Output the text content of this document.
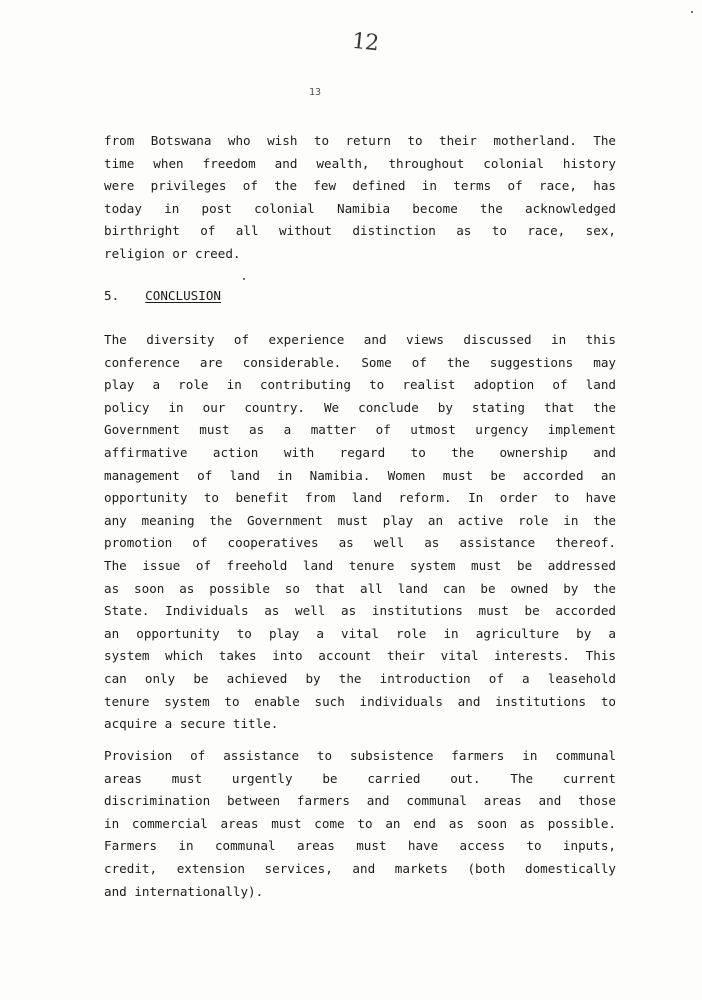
12
13
from Botswana who wish to return to their motherland. The
time when freedom and wealth, throughout colonial history
were privileges of the few defined in terms of race, has
today in post colonial Namibia become the acknowledged
birthright of all without distinction as to race, sex,
religion or creed.
5. CONCLUSION
The diversity of experience and views discussed in this
conference are considerable. Some of the suggestions may
play a role in contributing to realist adoption of land
policy in our country. We conclude by stating that the
Government must as a matter of utmost urgency implement
affirmative action with regard to the ownership and
management of land in Namibia. Women must be accorded an
opportunity to benefit from land reform. In order to have
any meaning the Government must play an active role in the
promotion of cooperatives as well as assistance thereof.
The issue of freehold land tenure system must be addressed
as soon as possible so that all land can be owned by the
State. Individuals as well as institutions must be accorded
an opportunity to play a vital role in agriculture by a
system which takes into account their vital interests. This
can only be achieved by the introduction of a leasehold
tenure system to enable such individuals and institutions to
acquire a secure title.
Provision of assistance to subsistence farmers in communal
areas must urgently be carried out. The current
discrimination between farmers and communal areas and those
in commercial areas must come to an end as soon as possible.
Farmers in communal areas must have access to inputs,
credit, extension services, and markets (both domestically
and internationally).
